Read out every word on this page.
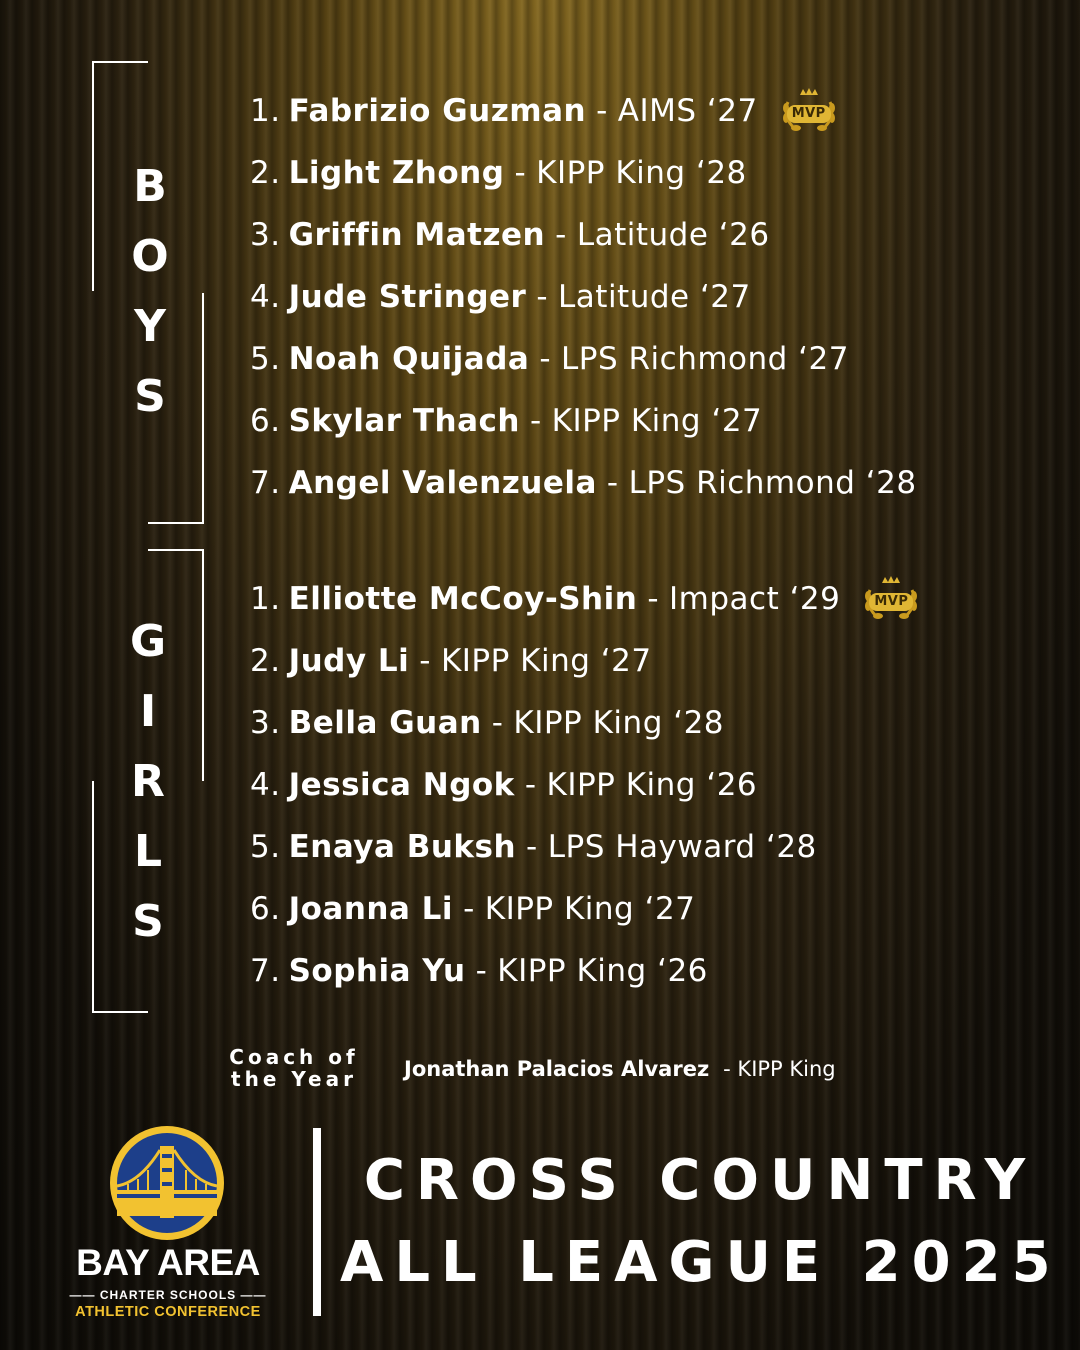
B
O
Y
S
G
I
R
L
S
1. Fabrizio Guzman - AIMS ‘27	MVP
2. Light Zhong - KIPP King ‘28
3. Griffin Matzen - Latitude ‘26
4. Jude Stringer - Latitude ‘27
5. Noah Quijada - LPS Richmond ‘27
6. Skylar Thach - KIPP King ‘27
7. Angel Valenzuela - LPS Richmond ‘28
1. Elliotte McCoy-Shin - Impact ‘29	MVP
2. Judy Li - KIPP King ‘27
3. Bella Guan - KIPP King ‘28
4. Jessica Ngok - KIPP King ‘26
5. Enaya Buksh - LPS Hayward ‘28
6. Joanna Li - KIPP King ‘27
7. Sophia Yu - KIPP King ‘26
Coach of
the Year	Jonathan Palacios Alvarez - KIPP King
BAY AREA
—— CHARTER SCHOOLS ——
ATHLETIC CONFERENCE
CROSS COUNTRY
ALL LEAGUE 2025
